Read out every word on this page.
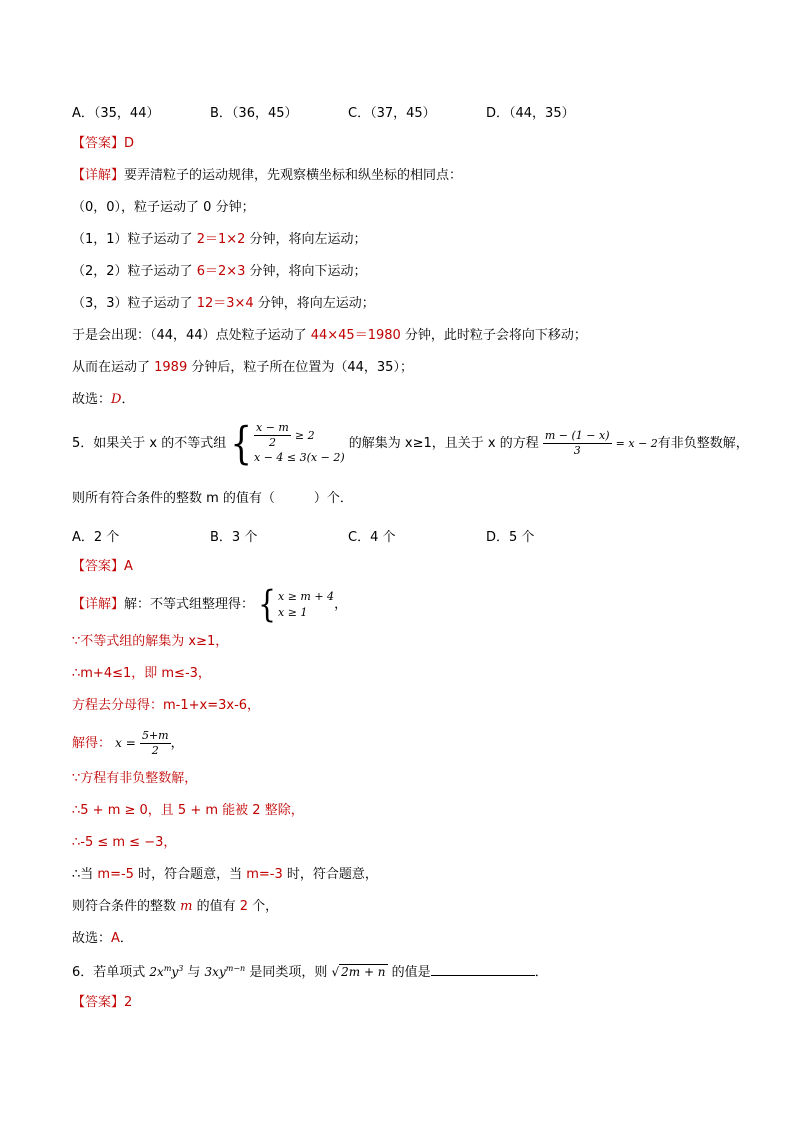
A．（35，44）	B．（36，45）	C．（37，45）	D．（44，35）
【答案】D
【详解】要弄清粒子的运动规律，先观察横坐标和纵坐标的相同点：
（0，0），粒子运动了 0 分钟；
（1，1）粒子运动了 2＝1×2 分钟，将向左运动；
（2，2）粒子运动了 6＝2×3 分钟，将向下运动；
（3，3）粒子运动了 12＝3×4 分钟，将向左运动；
于是会出现：（44，44）点处粒子运动了 44×45＝1980 分钟，此时粒子会将向下移动；
从而在运动了 1989 分钟后，粒子所在位置为（44，35）；
故选：D．
5．如果关于 x 的不等式组 { $\frac{x - m}{2} \ge 2$
x − 4 ≤ 3(x − 2)
的解集为 x≥1，且关于 x 的方程 $\frac{m - (1 - x)}{3} = x - 2$有非负整数解，
则所有符合条件的整数 m 的值有（　　　）个．
A．2 个	B．3 个	C．4 个	D．5 个
【答案】A
【详解】解：不等式组整理得： { x ≥ m + 4
x ≥ 1	，
∵不等式组的解集为 x≥1，
∴m+4≤1，即 m≤-3，
方程去分母得：m-1+x=3x-6，
解得： $x = \frac{5+m}{2}$ ，
∵方程有非负整数解，
∴5 + m ≥ 0，且 5 + m 能被 2 整除，
∴-5 ≤ m ≤ −3，
∴当 m=-5 时，符合题意，当 m=-3 时，符合题意，
则符合条件的整数 m 的值有 2 个，
故选：A．
6．若单项式 $2x^my^3$ 与 $3xy^{m-n}$ 是同类项，则 √ 2m + n 的值是	．
【答案】2
